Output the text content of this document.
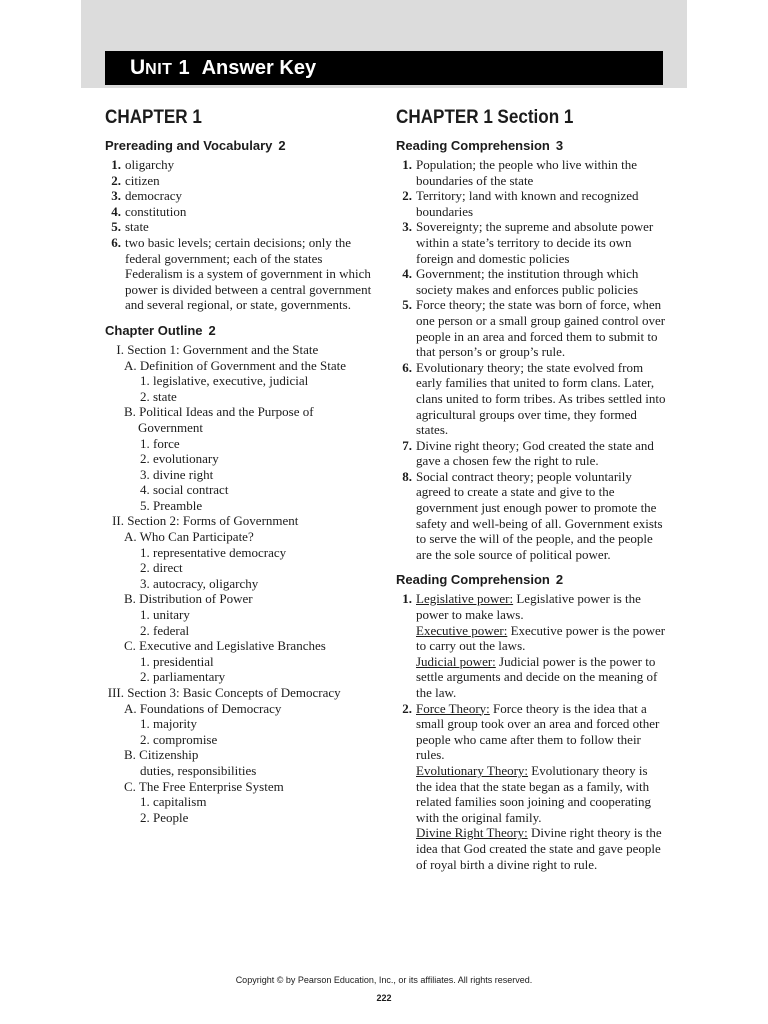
UNIT 1 Answer Key
CHAPTER 1
Prereading and Vocabulary 2
1. oligarchy
2. citizen
3. democracy
4. constitution
5. state
6. two basic levels; certain decisions; only the federal government; each of the states Federalism is a system of government in which power is divided between a central government and several regional, or state, governments.
Chapter Outline 2
I. Section 1: Government and the State
A. Definition of Government and the State
1. legislative, executive, judicial
2. state
B. Political Ideas and the Purpose of
Government
1. force
2. evolutionary
3. divine right
4. social contract
5. Preamble
II. Section 2: Forms of Government
A. Who Can Participate?
1. representative democracy
2. direct
3. autocracy, oligarchy
B. Distribution of Power
1. unitary
2. federal
C. Executive and Legislative Branches
1. presidential
2. parliamentary
III. Section 3: Basic Concepts of Democracy
A. Foundations of Democracy
1. majority
2. compromise
B. Citizenship
duties, responsibilities
C. The Free Enterprise System
1. capitalism
2. People
CHAPTER 1 Section 1
Reading Comprehension 3
1. Population; the people who live within the boundaries of the state
2. Territory; land with known and recognized boundaries
3. Sovereignty; the supreme and absolute power within a state’s territory to decide its own foreign and domestic policies
4. Government; the institution through which society makes and enforces public policies
5. Force theory; the state was born of force, when one person or a small group gained control over people in an area and forced them to submit to that person’s or group’s rule.
6. Evolutionary theory; the state evolved from early families that united to form clans. Later, clans united to form tribes. As tribes settled into agricultural groups over time, they formed states.
7. Divine right theory; God created the state and gave a chosen few the right to rule.
8. Social contract theory; people voluntarily agreed to create a state and give to the government just enough power to promote the safety and well-being of all. Government exists to serve the will of the people, and the people are the sole source of political power.
Reading Comprehension 2
1. Legislative power: Legislative power is the power to make laws.
Executive power: Executive power is the power to carry out the laws.
Judicial power: Judicial power is the power to settle arguments and decide on the meaning of the law.
2. Force Theory: Force theory is the idea that a small group took over an area and forced other people who came after them to follow their rules.
Evolutionary Theory: Evolutionary theory is the idea that the state began as a family, with related families soon joining and cooperating with the original family.
Divine Right Theory: Divine right theory is the idea that God created the state and gave people of royal birth a divine right to rule.
Copyright © by Pearson Education, Inc., or its affiliates. All rights reserved.
222
